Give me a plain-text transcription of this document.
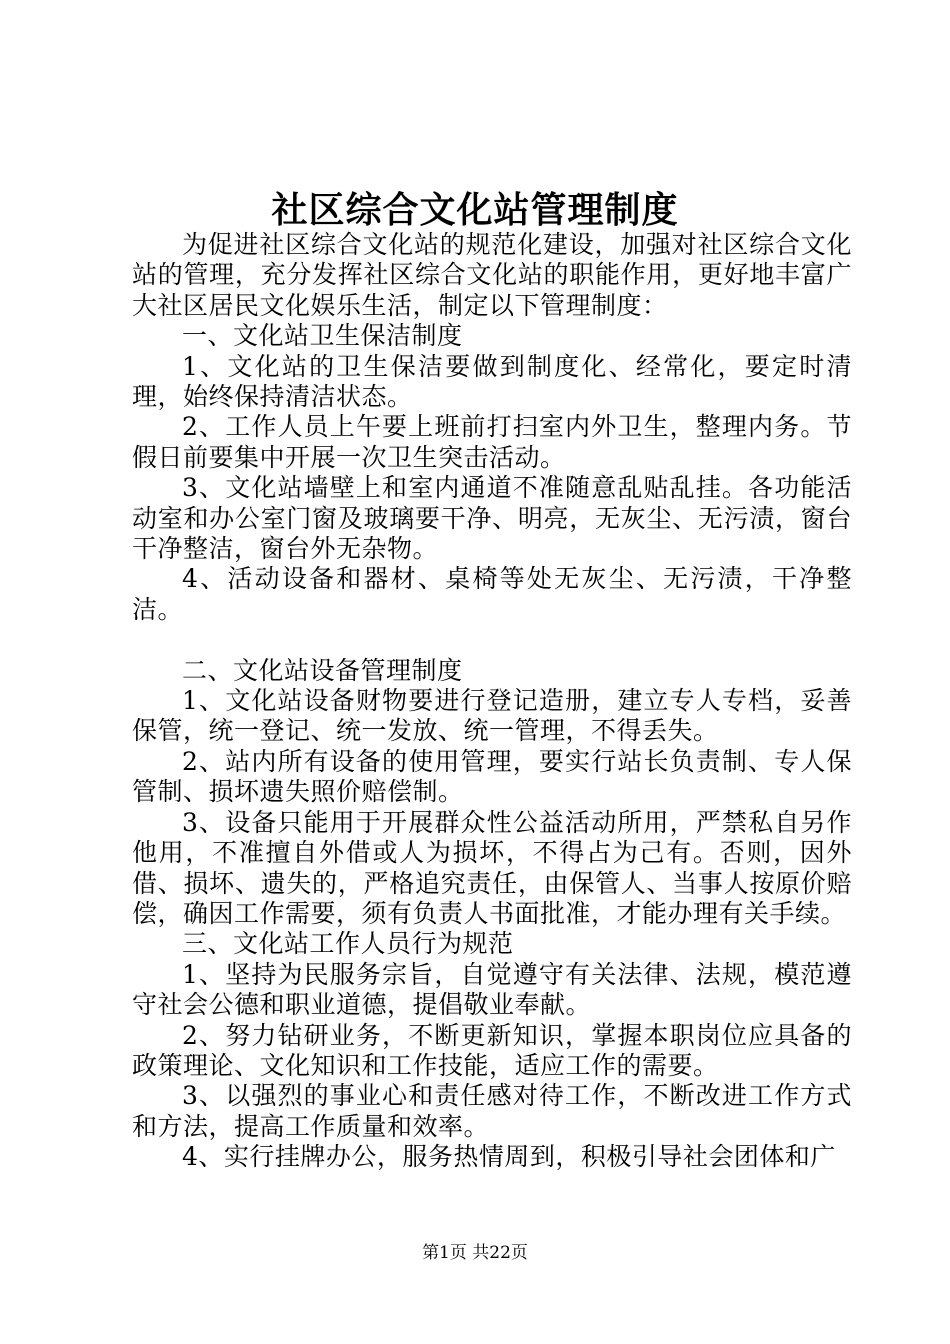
社区综合文化站管理制度

为促进社区综合文化站的规范化建设，加强对社区综合文化站的管理，充分发挥社区综合文化站的职能作用，更好地丰富广大社区居民文化娱乐生活，制定以下管理制度：

一、文化站卫生保洁制度

1、文化站的卫生保洁要做到制度化、经常化，要定时清理，始终保持清洁状态。

2、工作人员上午要上班前打扫室内外卫生，整理内务。节假日前要集中开展一次卫生突击活动。

3、文化站墙壁上和室内通道不准随意乱贴乱挂。各功能活动室和办公室门窗及玻璃要干净、明亮，无灰尘、无污渍，窗台干净整洁，窗台外无杂物。

4、活动设备和器材、桌椅等处无灰尘、无污渍，干净整洁。

二、文化站设备管理制度

1、文化站设备财物要进行登记造册，建立专人专档，妥善保管，统一登记、统一发放、统一管理，不得丢失。

2、站内所有设备的使用管理，要实行站长负责制、专人保管制、损坏遗失照价赔偿制。

3、设备只能用于开展群众性公益活动所用，严禁私自另作他用，不准擅自外借或人为损坏，不得占为己有。否则，因外借、损坏、遗失的，严格追究责任，由保管人、当事人按原价赔偿，确因工作需要，须有负责人书面批准，才能办理有关手续。

三、文化站工作人员行为规范

1、坚持为民服务宗旨，自觉遵守有关法律、法规，模范遵守社会公德和职业道德，提倡敬业奉献。

2、努力钻研业务，不断更新知识，掌握本职岗位应具备的政策理论、文化知识和工作技能，适应工作的需要。

3、以强烈的事业心和责任感对待工作，不断改进工作方式和方法，提高工作质量和效率。

4、实行挂牌办公，服务热情周到，积极引导社会团体和广

第1页 共22页
